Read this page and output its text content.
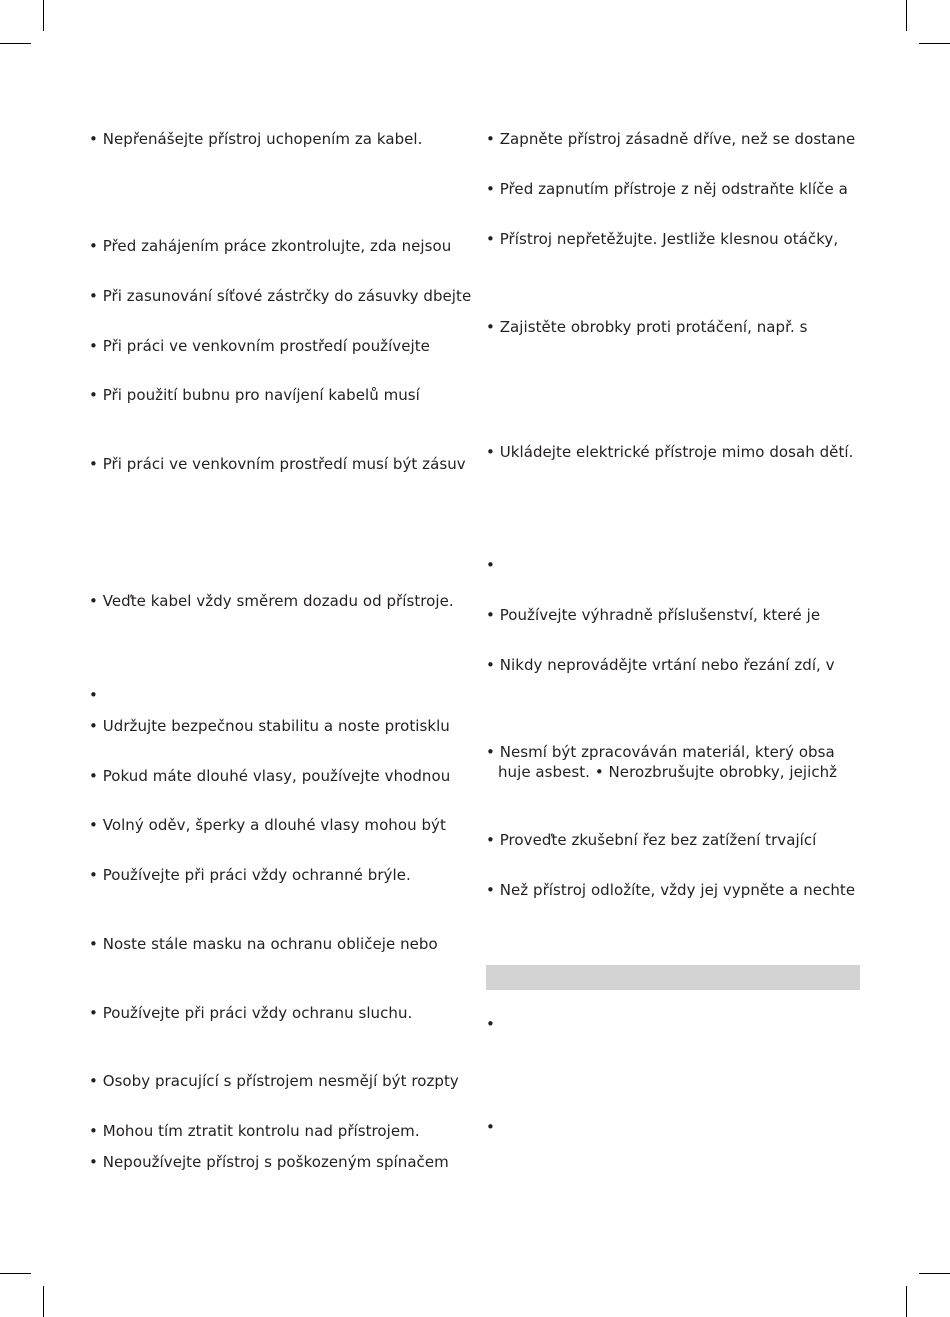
• Nepřenášejte přístroj uchopením za kabel.
• Před zahájením práce zkontrolujte, zda nejsou
• Při zasunování síťové zástrčky do zásuvky dbejte
• Při práci ve venkovním prostředí používejte
• Při použití bubnu pro navíjení kabelů musí
• Při práci ve venkovním prostředí musí být zásuv
• Veďte kabel vždy směrem dozadu od přístroje.
•
• Udržujte bezpečnou stabilitu a noste protisklu
• Pokud máte dlouhé vlasy, používejte vhodnou
• Volný oděv, šperky a dlouhé vlasy mohou být
• Používejte při práci vždy ochranné brýle.
• Noste stále masku na ochranu obličeje nebo
• Používejte při práci vždy ochranu sluchu.
• Osoby pracující s přístrojem nesmějí být rozpty
• Mohou tím ztratit kontrolu nad přístrojem.
• Nepoužívejte přístroj s poškozeným spínačem
• Zapněte přístroj zásadně dříve, než se dostane
• Před zapnutím přístroje z něj odstraňte klíče a
• Přístroj nepřetěžujte. Jestliže klesnou otáčky,
• Zajistěte obrobky proti protáčení, např. s
• Ukládejte elektrické přístroje mimo dosah dětí.
•
• Používejte výhradně příslušenství, které je
• Nikdy neprovádějte vrtání nebo řezání zdí, v
• Nesmí být zpracováván materiál, který obsa
huje asbest. • Nerozbrušujte obrobky, jejichž
• Proveďte zkušební řez bez zatížení trvající
• Než přístroj odložíte, vždy jej vypněte a nechte
•
•
